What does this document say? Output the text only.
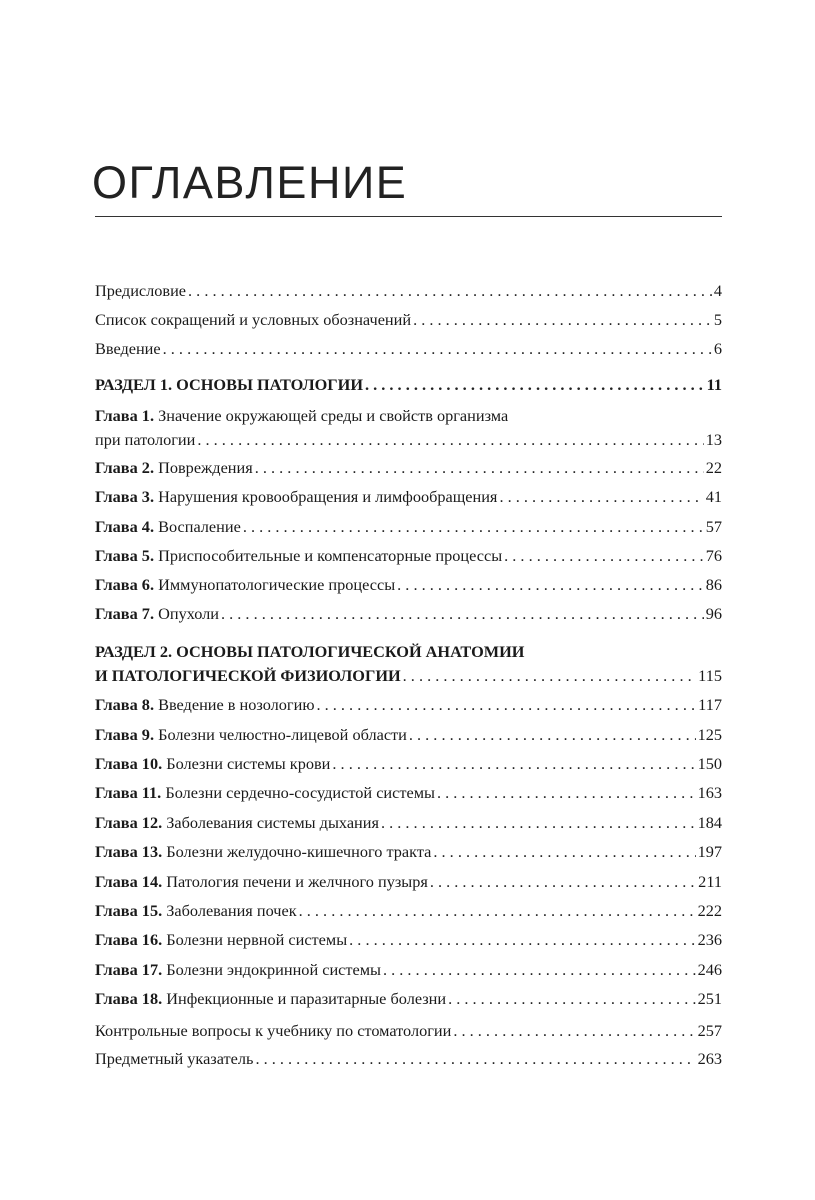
ОГЛАВЛЕНИЕ
Предисловие . . .	4
Список сокращений и условных обозначений . . .	5
Введение . . .	6
РАЗДЕЛ 1. ОСНОВЫ ПАТОЛОГИИ . . .	11
Глава 1. Значение окружающей среды и свойств организма
при патологии . . .	13
Глава 2. Повреждения . . .	22
Глава 3. Нарушения кровообращения и лимфообращения . . .	41
Глава 4. Воспаление . . .	57
Глава 5. Приспособительные и компенсаторные процессы . . .	76
Глава 6. Иммунопатологические процессы . . .	86
Глава 7. Опухоли . . .	96
РАЗДЕЛ 2. ОСНОВЫ ПАТОЛОГИЧЕСКОЙ АНАТОМИИ
И ПАТОЛОГИЧЕСКОЙ ФИЗИОЛОГИИ . . .	115
Глава 8. Введение в нозологию . . .	117
Глава 9. Болезни челюстно-лицевой области . . .	125
Глава 10. Болезни системы крови . . .	150
Глава 11. Болезни сердечно-сосудистой системы . . .	163
Глава 12. Заболевания системы дыхания . . .	184
Глава 13. Болезни желудочно-кишечного тракта . . .	197
Глава 14. Патология печени и желчного пузыря . . .	211
Глава 15. Заболевания почек . . .	222
Глава 16. Болезни нервной системы . . .	236
Глава 17. Болезни эндокринной системы . . .	246
Глава 18. Инфекционные и паразитарные болезни . . .	251
Контрольные вопросы к учебнику по стоматологии . . .	257
Предметный указатель . . .	263
